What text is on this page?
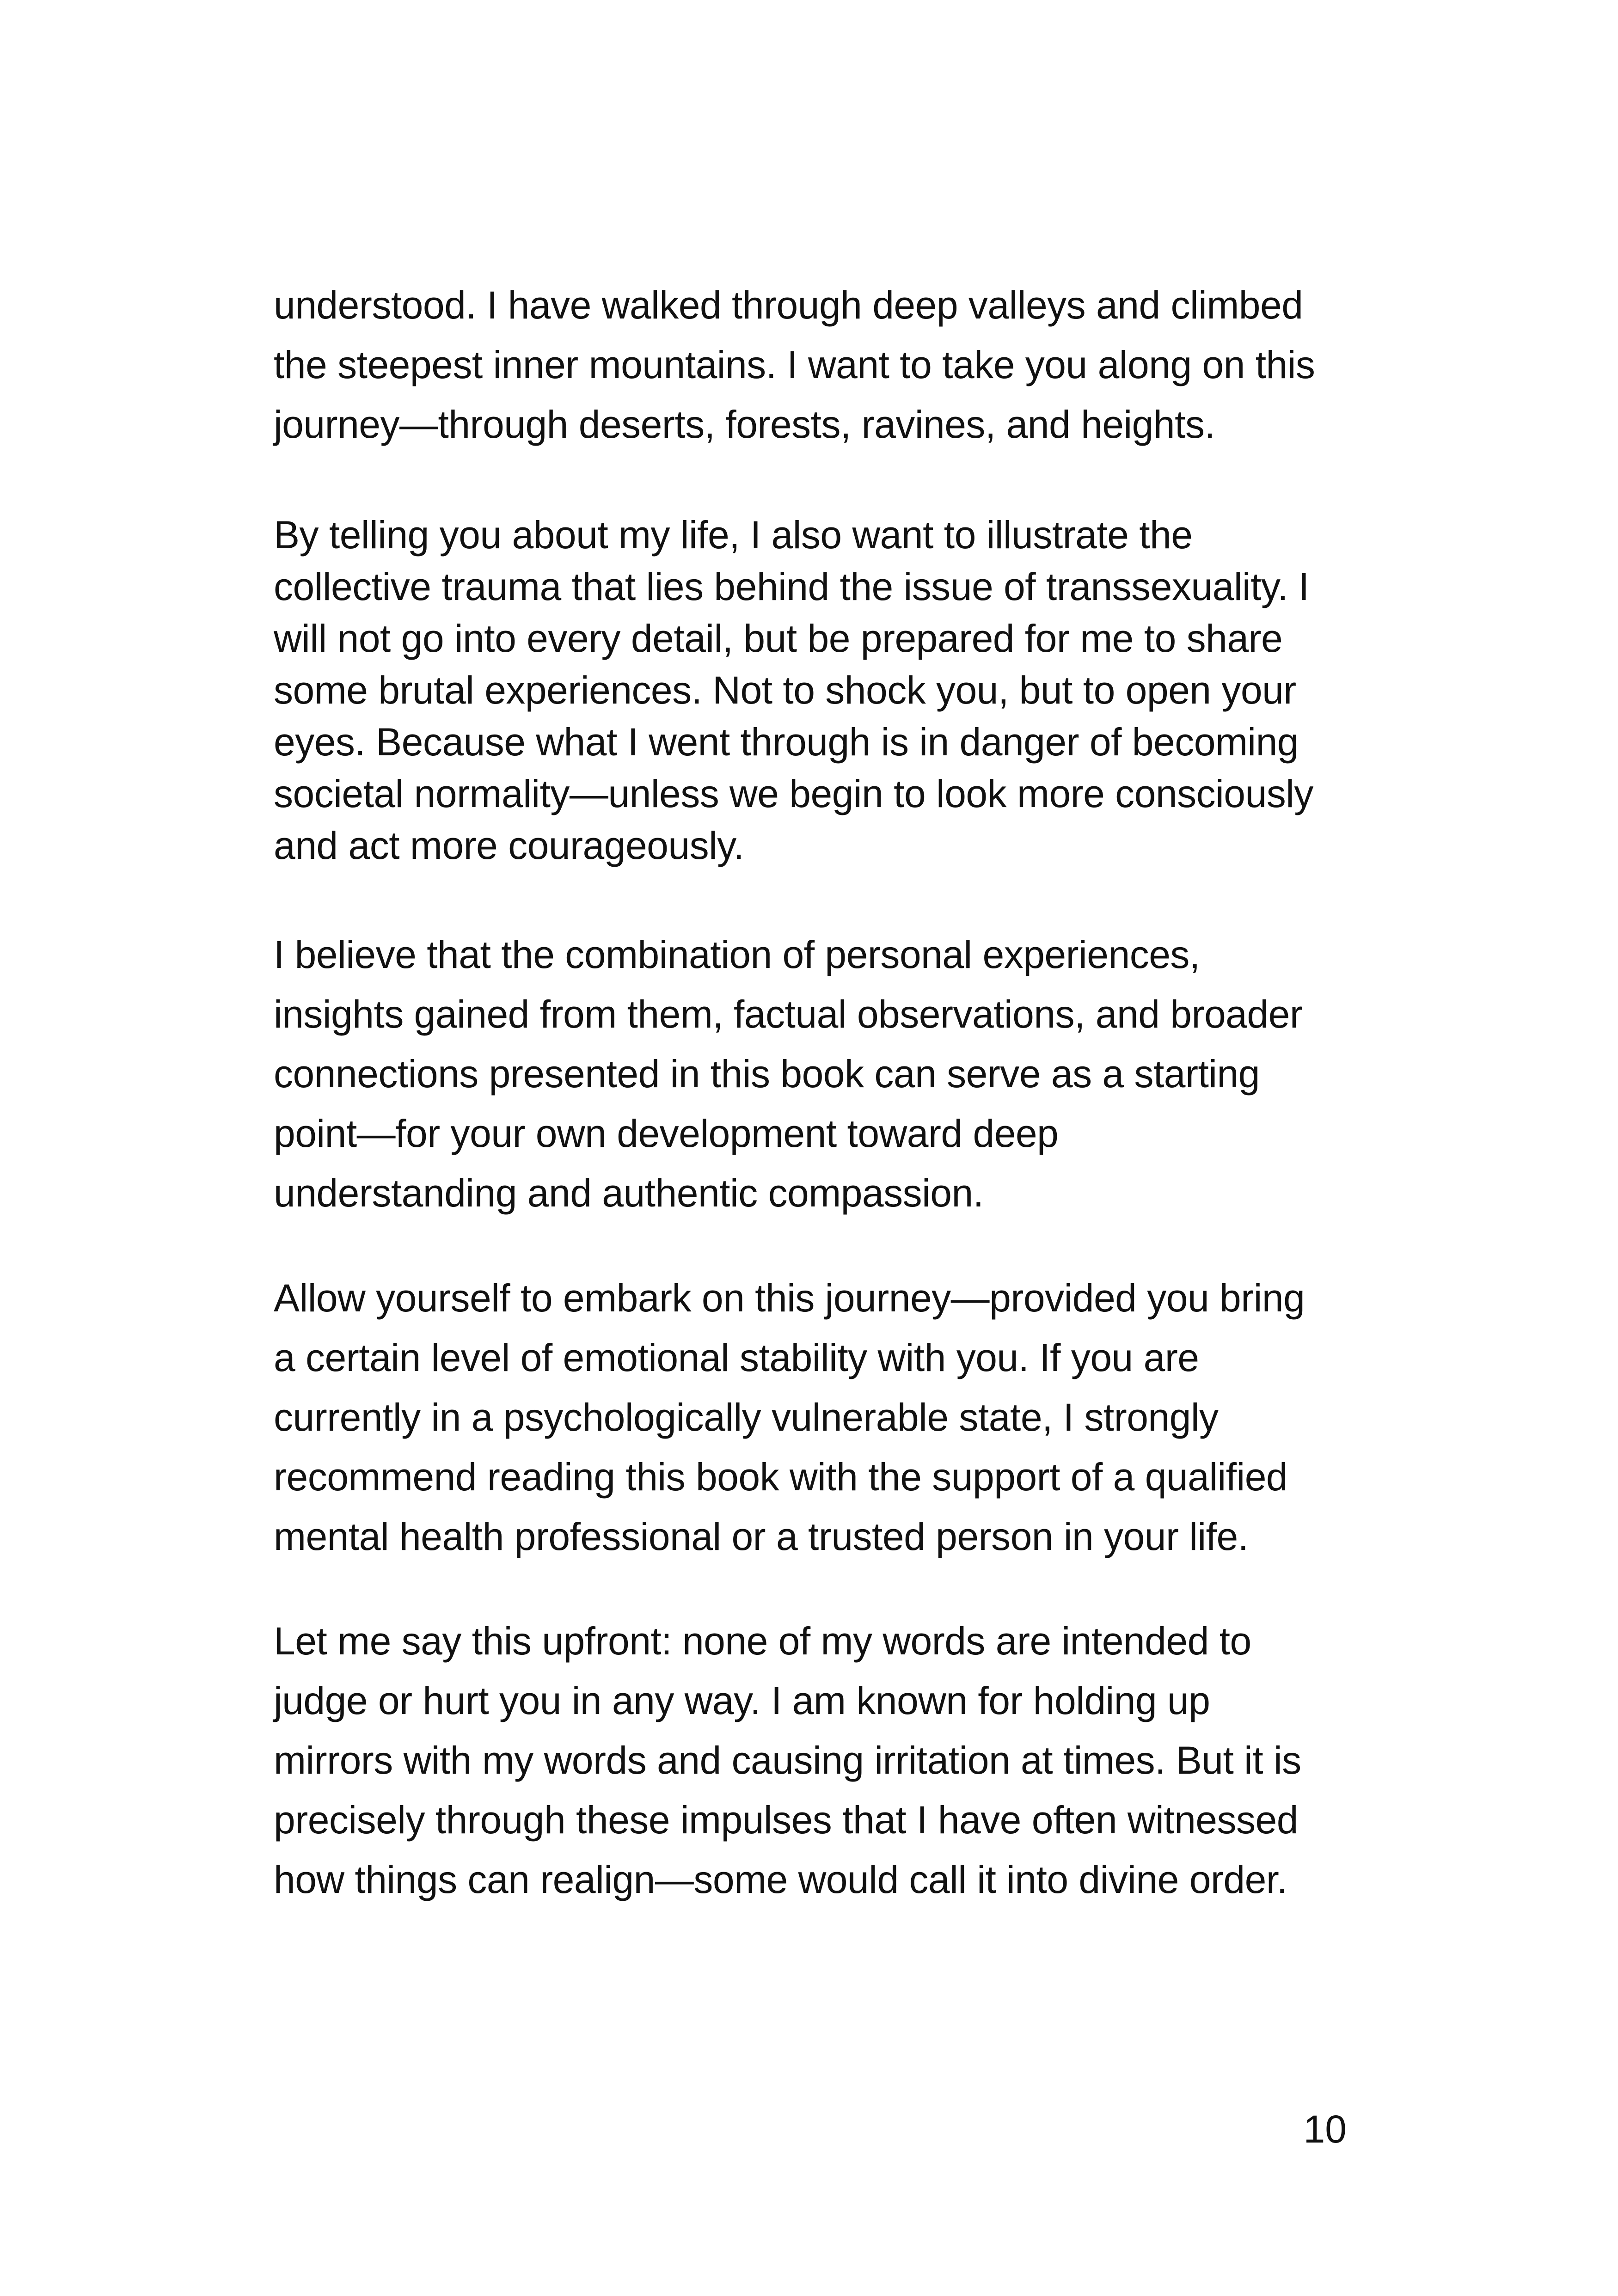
understood. I have walked through deep valleys and climbed
the steepest inner mountains. I want to take you along on this
journey—through deserts, forests, ravines, and heights.

By telling you about my life, I also want to illustrate the
collective trauma that lies behind the issue of transsexuality. I
will not go into every detail, but be prepared for me to share
some brutal experiences. Not to shock you, but to open your
eyes. Because what I went through is in danger of becoming
societal normality—unless we begin to look more consciously
and act more courageously.

I believe that the combination of personal experiences,
insights gained from them, factual observations, and broader
connections presented in this book can serve as a starting
point—for your own development toward deep
understanding and authentic compassion.

Allow yourself to embark on this journey—provided you bring
a certain level of emotional stability with you. If you are
currently in a psychologically vulnerable state, I strongly
recommend reading this book with the support of a qualified
mental health professional or a trusted person in your life.

Let me say this upfront: none of my words are intended to
judge or hurt you in any way. I am known for holding up
mirrors with my words and causing irritation at times. But it is
precisely through these impulses that I have often witnessed
how things can realign—some would call it into divine order.

10
